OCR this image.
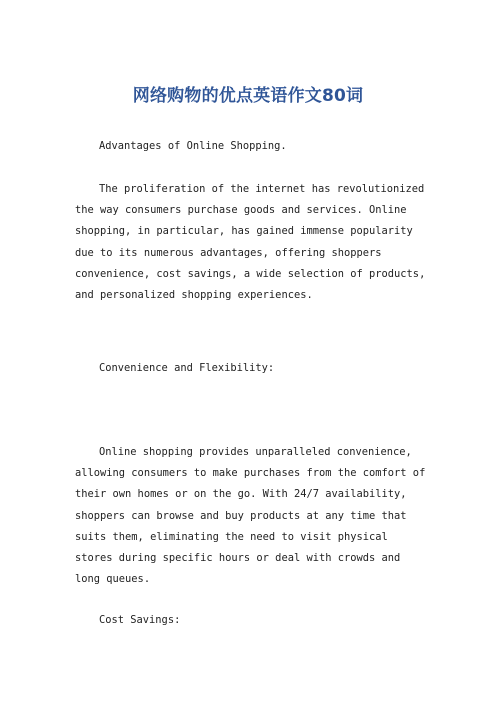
网络购物的优点英语作文80词

Advantages of Online Shopping.

The proliferation of the internet has revolutionized the way consumers purchase goods and services. Online shopping, in particular, has gained immense popularity due to its numerous advantages, offering shoppers convenience, cost savings, a wide selection of products, and personalized shopping experiences.

Convenience and Flexibility:

Online shopping provides unparalleled convenience, allowing consumers to make purchases from the comfort of their own homes or on the go. With 24/7 availability, shoppers can browse and buy products at any time that suits them, eliminating the need to visit physical stores during specific hours or deal with crowds and long queues.

Cost Savings:
